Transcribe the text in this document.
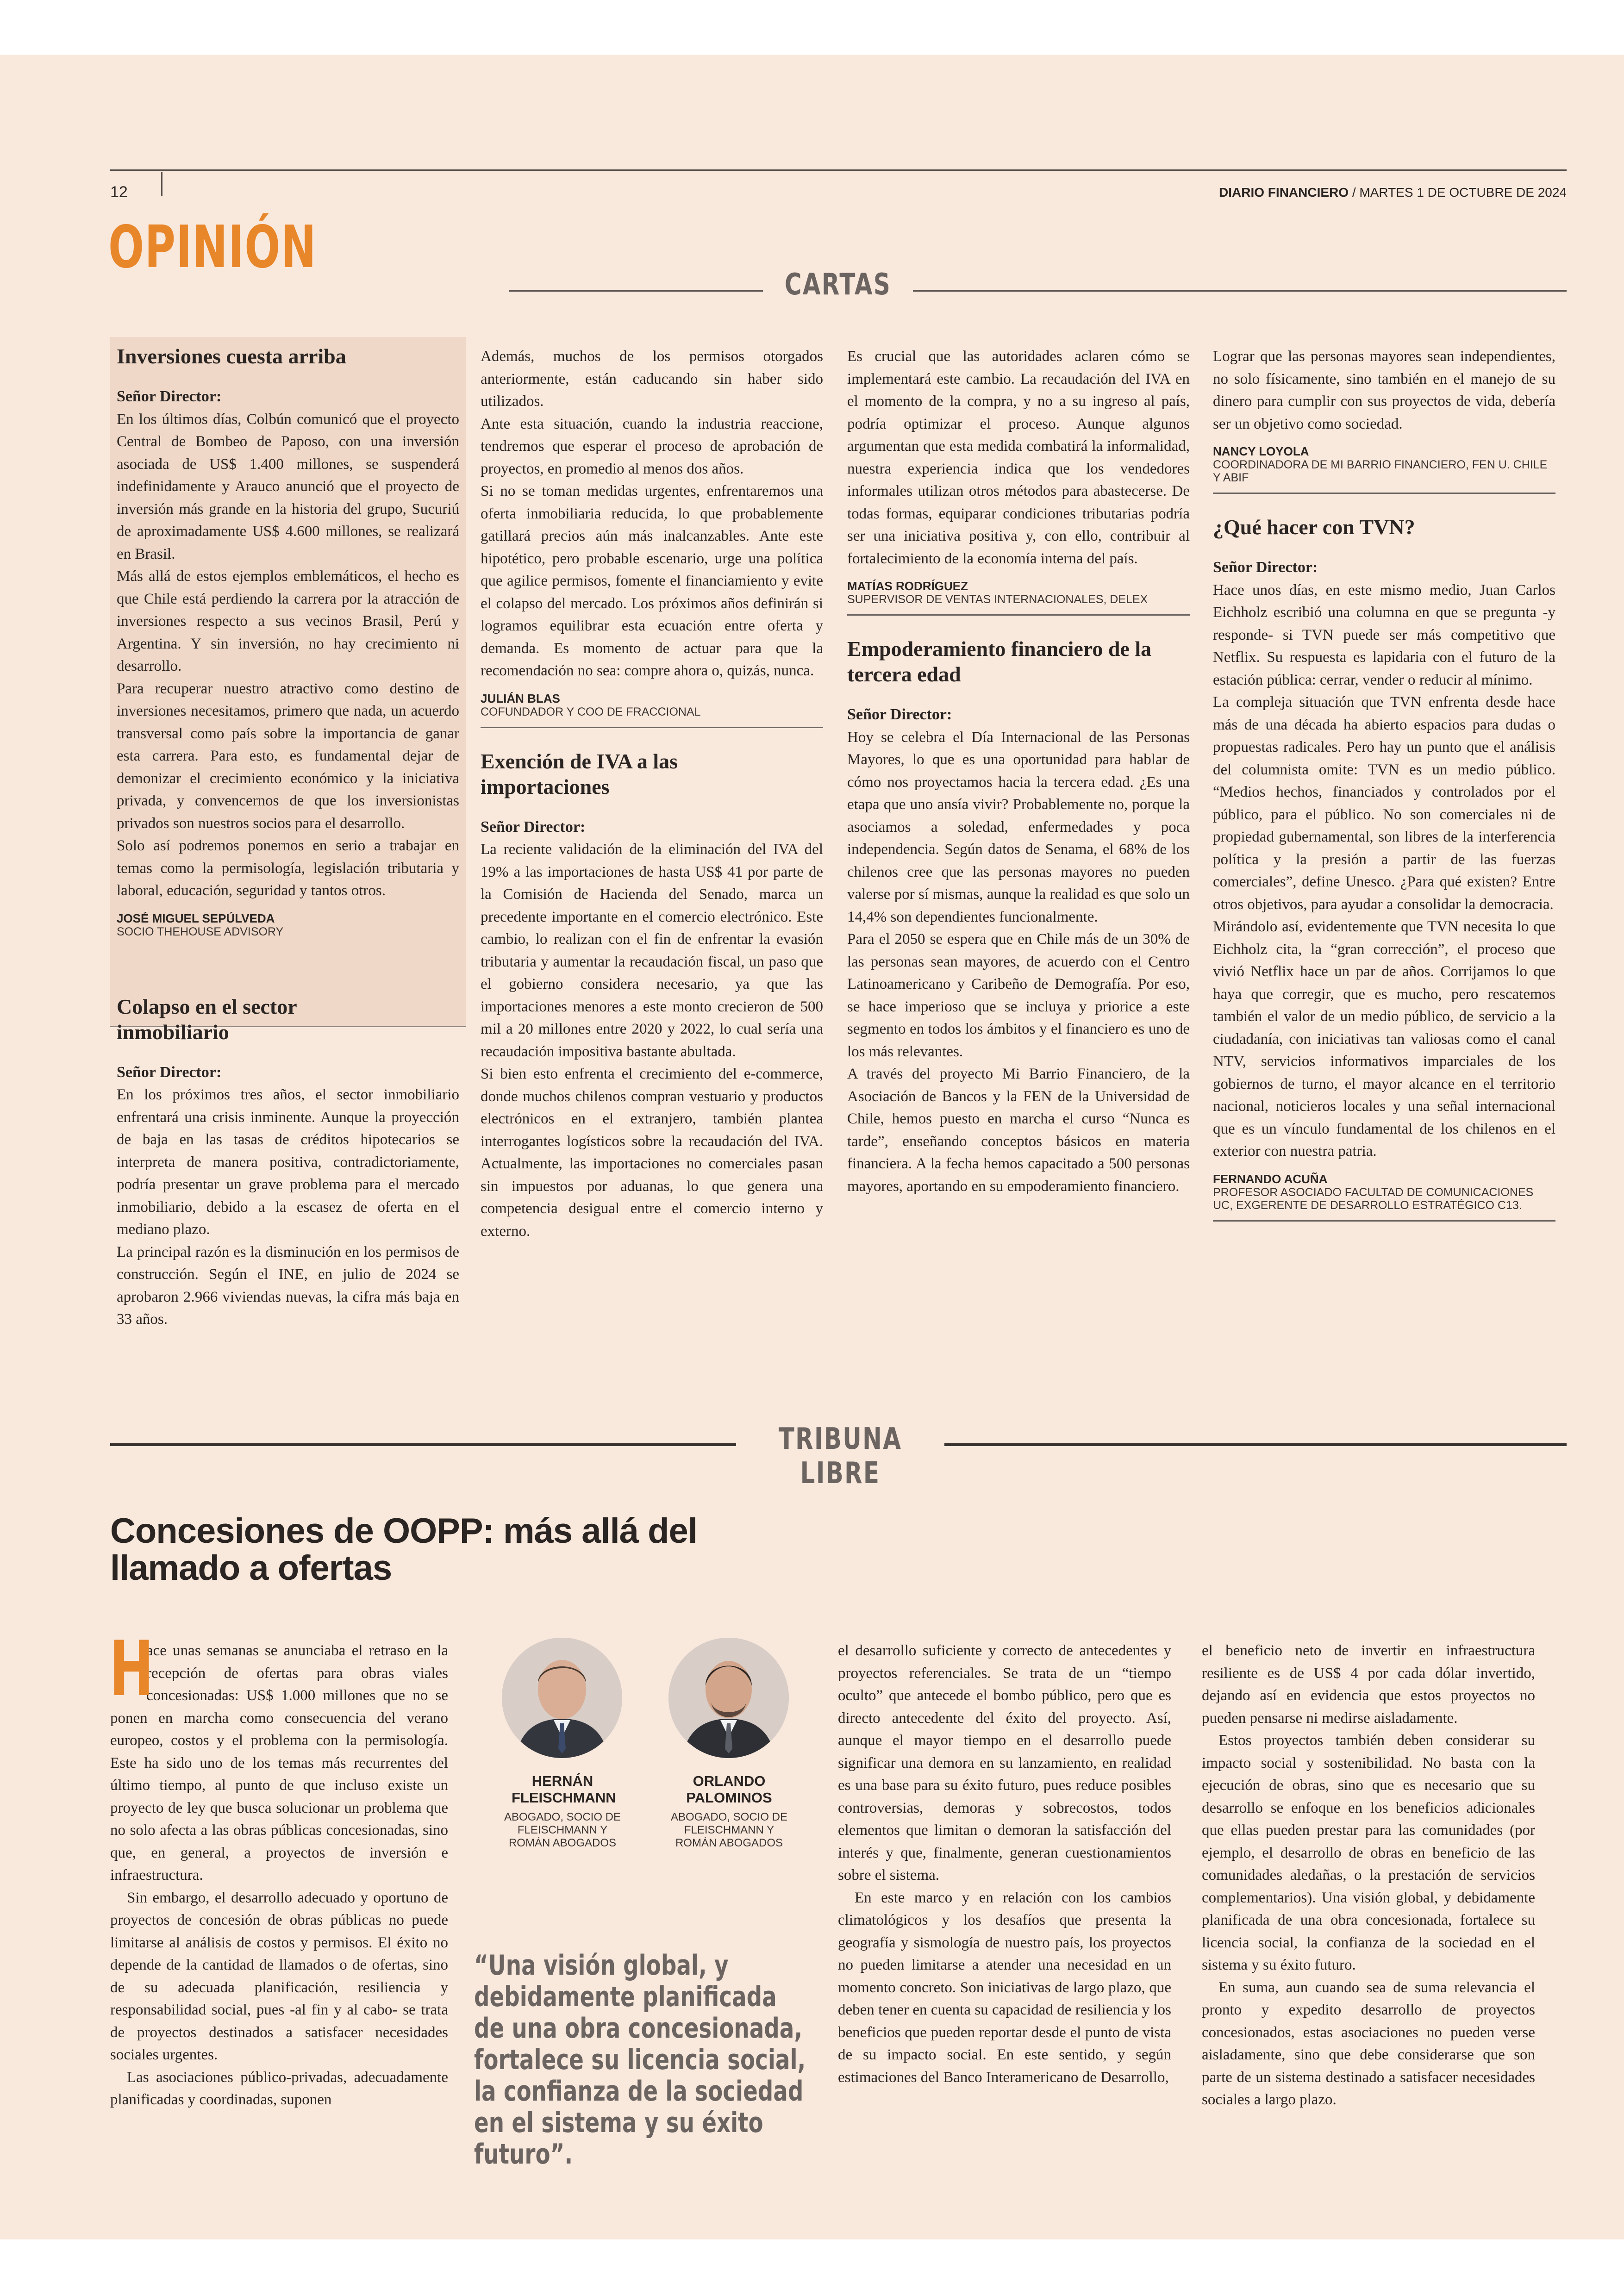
12	DIARIO FINANCIERO / MARTES 1 DE OCTUBRE DE 2024
OPINIÓN
CARTAS
Inversiones cuesta arriba

Señor Director:

En los últimos días, Colbún comunicó que el proyecto Central de Bombeo de Paposo, con una inversión asociada de US$ 1.400 millones, se suspenderá indefinidamente y Arauco anunció que el proyecto de inversión más grande en la historia del grupo, Sucuriú de aproximadamente US$ 4.600 millones, se realizará en Brasil.

Más allá de estos ejemplos emblemáticos, el hecho es que Chile está perdiendo la carrera por la atracción de inversiones respecto a sus vecinos Brasil, Perú y Argentina. Y sin inversión, no hay crecimiento ni desarrollo.

Para recuperar nuestro atractivo como destino de inversiones necesitamos, primero que nada, un acuerdo transversal como país sobre la importancia de ganar esta carrera. Para esto, es fundamental dejar de demonizar el crecimiento económico y la iniciativa privada, y convencernos de que los inversionistas privados son nuestros socios para el desarrollo.

Solo así podremos ponernos en serio a trabajar en temas como la permisología, legislación tributaria y laboral, educación, seguridad y tantos otros.

JOSÉ MIGUEL SEPÚLVEDA
SOCIO THEHOUSE ADVISORY
Colapso en el sector inmobiliario

Señor Director:

En los próximos tres años, el sector inmobiliario enfrentará una crisis inminente. Aunque la proyección de baja en las tasas de créditos hipotecarios se interpreta de manera positiva, contradictoriamente, podría presentar un grave problema para el mercado inmobiliario, debido a la escasez de oferta en el mediano plazo.

La principal razón es la disminución en los permisos de construcción. Según el INE, en julio de 2024 se aprobaron 2.966 viviendas nuevas, la cifra más baja en 33 años.

Además, muchos de los permisos otorgados anteriormente, están caducando sin haber sido utilizados.

Ante esta situación, cuando la industria reaccione, tendremos que esperar el proceso de aprobación de proyectos, en promedio al menos dos años.

Si no se toman medidas urgentes, enfrentaremos una oferta inmobiliaria reducida, lo que probablemente gatillará precios aún más inalcanzables. Ante este hipotético, pero probable escenario, urge una política que agilice permisos, fomente el financiamiento y evite el colapso del mercado. Los próximos años definirán si logramos equilibrar esta ecuación entre oferta y demanda. Es momento de actuar para que la recomendación no sea: compre ahora o, quizás, nunca.

JULIÁN BLAS
COFUNDADOR Y COO DE FRACCIONAL
Exención de IVA a las importaciones

Señor Director:

La reciente validación de la eliminación del IVA del 19% a las importaciones de hasta US$ 41 por parte de la Comisión de Hacienda del Senado, marca un precedente importante en el comercio electrónico. Este cambio, lo realizan con el fin de enfrentar la evasión tributaria y aumentar la recaudación fiscal, un paso que el gobierno considera necesario, ya que las importaciones menores a este monto crecieron de 500 mil a 20 millones entre 2020 y 2022, lo cual sería una recaudación impositiva bastante abultada.

Si bien esto enfrenta el crecimiento del e-commerce, donde muchos chilenos compran vestuario y productos electrónicos en el extranjero, también plantea interrogantes logísticos sobre la recaudación del IVA. Actualmente, las importaciones no comerciales pasan sin impuestos por aduanas, lo que genera una competencia desigual entre el comercio interno y externo.

Es crucial que las autoridades aclaren cómo se implementará este cambio. La recaudación del IVA en el momento de la compra, y no a su ingreso al país, podría optimizar el proceso. Aunque algunos argumentan que esta medida combatirá la informalidad, nuestra experiencia indica que los vendedores informales utilizan otros métodos para abastecerse. De todas formas, equiparar condiciones tributarias podría ser una iniciativa positiva y, con ello, contribuir al fortalecimiento de la economía interna del país.

MATÍAS RODRÍGUEZ
SUPERVISOR DE VENTAS INTERNACIONALES, DELEX
Empoderamiento financiero de la tercera edad

Señor Director:

Hoy se celebra el Día Internacional de las Personas Mayores, lo que es una oportunidad para hablar de cómo nos proyectamos hacia la tercera edad. ¿Es una etapa que uno ansía vivir? Probablemente no, porque la asociamos a soledad, enfermedades y poca independencia. Según datos de Senama, el 68% de los chilenos cree que las personas mayores no pueden valerse por sí mismas, aunque la realidad es que solo un 14,4% son dependientes funcionalmente.

Para el 2050 se espera que en Chile más de un 30% de las personas sean mayores, de acuerdo con el Centro Latinoamericano y Caribeño de Demografía. Por eso, se hace imperioso que se incluya y priorice a este segmento en todos los ámbitos y el financiero es uno de los más relevantes.

A través del proyecto Mi Barrio Financiero, de la Asociación de Bancos y la FEN de la Universidad de Chile, hemos puesto en marcha el curso “Nunca es tarde”, enseñando conceptos básicos en materia financiera. A la fecha hemos capacitado a 500 personas mayores, aportando en su empoderamiento financiero.

Lograr que las personas mayores sean independientes, no solo físicamente, sino también en el manejo de su dinero para cumplir con sus proyectos de vida, debería ser un objetivo como sociedad.

NANCY LOYOLA
COORDINADORA DE MI BARRIO FINANCIERO, FEN U. CHILE Y ABIF
¿Qué hacer con TVN?

Señor Director:

Hace unos días, en este mismo medio, Juan Carlos Eichholz escribió una columna en que se pregunta -y responde- si TVN puede ser más competitivo que Netflix. Su respuesta es lapidaria con el futuro de la estación pública: cerrar, vender o reducir al mínimo.

La compleja situación que TVN enfrenta desde hace más de una década ha abierto espacios para dudas o propuestas radicales. Pero hay un punto que el análisis del columnista omite: TVN es un medio público. “Medios hechos, financiados y controlados por el público, para el público. No son comerciales ni de propiedad gubernamental, son libres de la interferencia política y la presión a partir de las fuerzas comerciales”, define Unesco. ¿Para qué existen? Entre otros objetivos, para ayudar a consolidar la democracia.

Mirándolo así, evidentemente que TVN necesita lo que Eichholz cita, la “gran corrección”, el proceso que vivió Netflix hace un par de años. Corrijamos lo que haya que corregir, que es mucho, pero rescatemos también el valor de un medio público, de servicio a la ciudadanía, con iniciativas tan valiosas como el canal NTV, servicios informativos imparciales de los gobiernos de turno, el mayor alcance en el territorio nacional, noticieros locales y una señal internacional que es un vínculo fundamental de los chilenos en el exterior con nuestra patria.

FERNANDO ACUÑA
PROFESOR ASOCIADO FACULTAD DE COMUNICACIONES UC, EXGERENTE DE DESARROLLO ESTRATÉGICO C13.
TRIBUNA LIBRE
Concesiones de OOPP: más allá del llamado a ofertas
H

ace unas semanas se anunciaba el retraso en la recepción de ofertas para obras viales concesionadas: US$ 1.000 millones que no se ponen en marcha como consecuencia del verano europeo, costos y el problema con la permisología. Este ha sido uno de los temas más recurrentes del último tiempo, al punto de que incluso existe un proyecto de ley que busca solucionar un problema que no solo afecta a las obras públicas concesionadas, sino que, en general, a proyectos de inversión e infraestructura.

Sin embargo, el desarrollo adecuado y oportuno de proyectos de concesión de obras públicas no puede limitarse al análisis de costos y permisos. El éxito no depende de la cantidad de llamados o de ofertas, sino de su adecuada planificación, resiliencia y responsabilidad social, pues -al fin y al cabo- se trata de proyectos destinados a satisfacer necesidades sociales urgentes.

Las asociaciones público-privadas, adecuadamente planificadas y coordinadas, suponen

HERNÁN FLEISCHMANN
ABOGADO, SOCIO DE FLEISCHMANN Y ROMÁN ABOGADOS
ORLANDO PALOMINOS
ABOGADO, SOCIO DE FLEISCHMANN Y ROMÁN ABOGADOS
“Una visión global, y debidamente planificada de una obra concesionada, fortalece su licencia social, la confianza de la sociedad en el sistema y su éxito futuro”.

el desarrollo suficiente y correcto de antecedentes y proyectos referenciales. Se trata de un “tiempo oculto” que antecede el bombo público, pero que es directo antecedente del éxito del proyecto. Así, aunque el mayor tiempo en el desarrollo puede significar una demora en su lanzamiento, en realidad es una base para su éxito futuro, pues reduce posibles controversias, demoras y sobrecostos, todos elementos que limitan o demoran la satisfacción del interés y que, finalmente, generan cuestionamientos sobre el sistema.

En este marco y en relación con los cambios climatológicos y los desafíos que presenta la geografía y sismología de nuestro país, los proyectos no pueden limitarse a atender una necesidad en un momento concreto. Son iniciativas de largo plazo, que deben tener en cuenta su capacidad de resiliencia y los beneficios que pueden reportar desde el punto de vista de su impacto social. En este sentido, y según estimaciones del Banco Interamericano de Desarrollo,

el beneficio neto de invertir en infraestructura resiliente es de US$ 4 por cada dólar invertido, dejando así en evidencia que estos proyectos no pueden pensarse ni medirse aisladamente.

Estos proyectos también deben considerar su impacto social y sostenibilidad. No basta con la ejecución de obras, sino que es necesario que su desarrollo se enfoque en los beneficios adicionales que ellas pueden prestar para las comunidades (por ejemplo, el desarrollo de obras en beneficio de las comunidades aledañas, o la prestación de servicios complementarios). Una visión global, y debidamente planificada de una obra concesionada, fortalece su licencia social, la confianza de la sociedad en el sistema y su éxito futuro.

En suma, aun cuando sea de suma relevancia el pronto y expedito desarrollo de proyectos concesionados, estas asociaciones no pueden verse aisladamente, sino que debe considerarse que son parte de un sistema destinado a satisfacer necesidades sociales a largo plazo.
